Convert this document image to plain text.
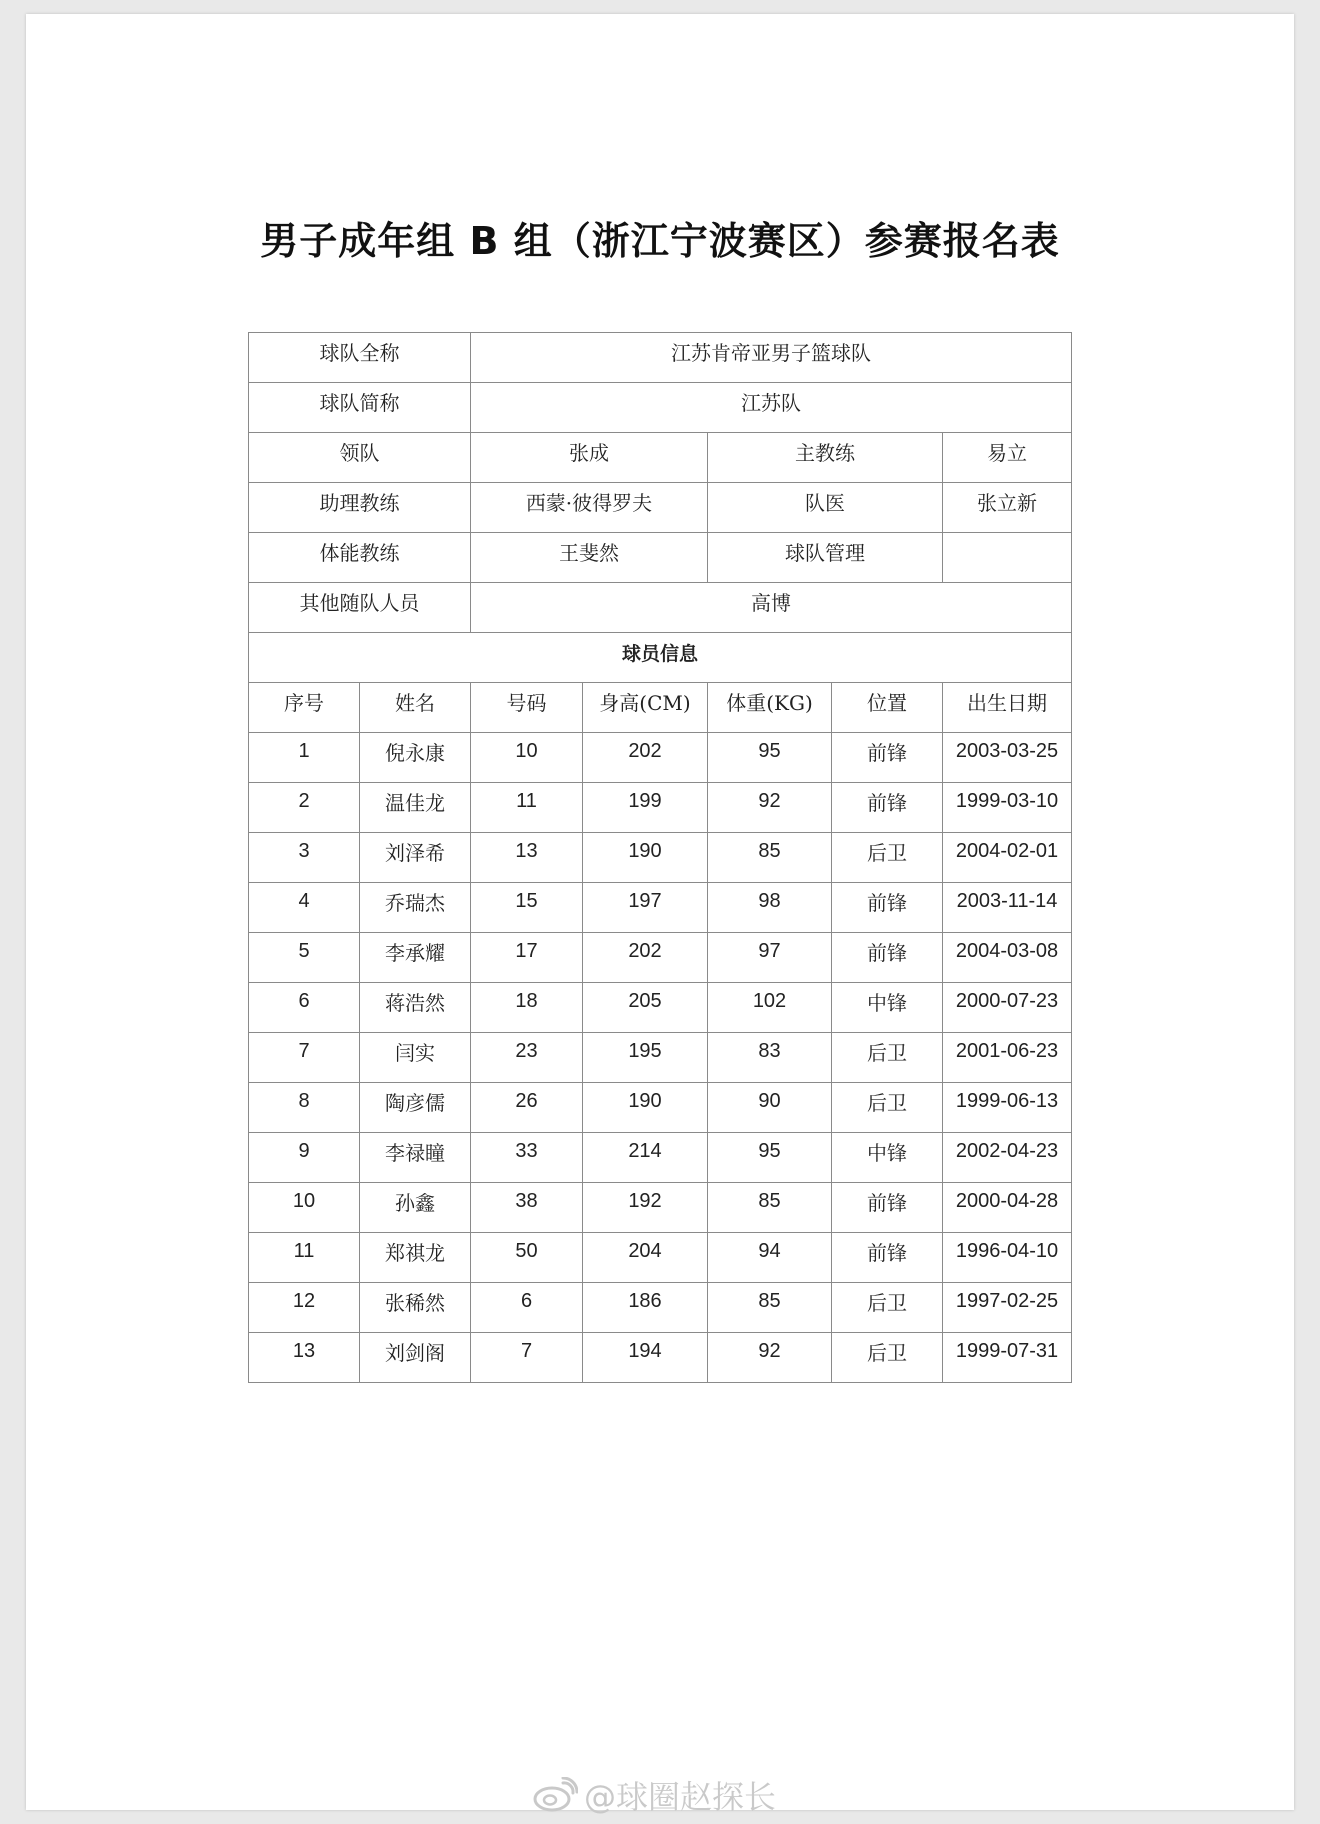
男子成年组 B 组（浙江宁波赛区）参赛报名表
球队全称		江苏肯帝亚男子篮球队				
球队简称		江苏队				
领队		张成		主教练		易立
助理教练		西蒙·彼得罗夫		队医		张立新
体能教练		王斐然		球队管理		
其他随队人员		高博				
球员信息						
序号	姓名	号码	身高(CM)	体重(KG)	位置	出生日期
1	倪永康	10	202	95	前锋	2003-03-25
2	温佳龙	11	199	92	前锋	1999-03-10
3	刘泽希	13	190	85	后卫	2004-02-01
4	乔瑞杰	15	197	98	前锋	2003-11-14
5	李承耀	17	202	97	前锋	2004-03-08
6	蒋浩然	18	205	102	中锋	2000-07-23
7	闫实	23	195	83	后卫	2001-06-23
8	陶彦儒	26	190	90	后卫	1999-06-13
9	李禄瞳	33	214	95	中锋	2002-04-23
10	孙鑫	38	192	85	前锋	2000-04-28
11	郑祺龙	50	204	94	前锋	1996-04-10
12	张稀然	6	186	85	后卫	1997-02-25
13	刘剑阁	7	194	92	后卫	1999-07-31
@球圈赵探长
